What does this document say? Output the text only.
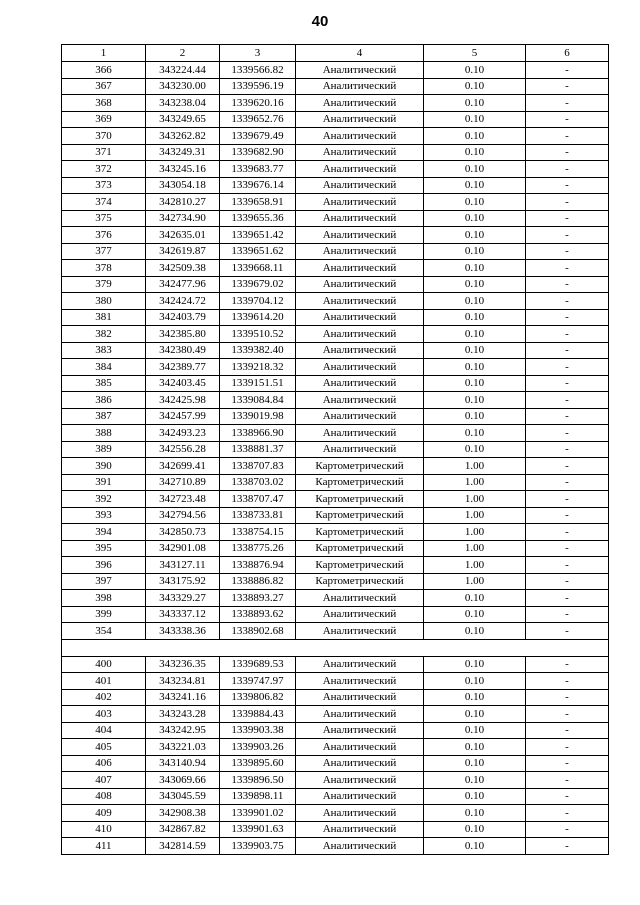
40
1	2	3	4	5	6
366	343224.44	1339566.82	Аналитический	0.10	-
367	343230.00	1339596.19	Аналитический	0.10	-
368	343238.04	1339620.16	Аналитический	0.10	-
369	343249.65	1339652.76	Аналитический	0.10	-
370	343262.82	1339679.49	Аналитический	0.10	-
371	343249.31	1339682.90	Аналитический	0.10	-
372	343245.16	1339683.77	Аналитический	0.10	-
373	343054.18	1339676.14	Аналитический	0.10	-
374	342810.27	1339658.91	Аналитический	0.10	-
375	342734.90	1339655.36	Аналитический	0.10	-
376	342635.01	1339651.42	Аналитический	0.10	-
377	342619.87	1339651.62	Аналитический	0.10	-
378	342509.38	1339668.11	Аналитический	0.10	-
379	342477.96	1339679.02	Аналитический	0.10	-
380	342424.72	1339704.12	Аналитический	0.10	-
381	342403.79	1339614.20	Аналитический	0.10	-
382	342385.80	1339510.52	Аналитический	0.10	-
383	342380.49	1339382.40	Аналитический	0.10	-
384	342389.77	1339218.32	Аналитический	0.10	-
385	342403.45	1339151.51	Аналитический	0.10	-
386	342425.98	1339084.84	Аналитический	0.10	-
387	342457.99	1339019.98	Аналитический	0.10	-
388	342493.23	1338966.90	Аналитический	0.10	-
389	342556.28	1338881.37	Аналитический	0.10	-
390	342699.41	1338707.83	Картометрический	1.00	-
391	342710.89	1338703.02	Картометрический	1.00	-
392	342723.48	1338707.47	Картометрический	1.00	-
393	342794.56	1338733.81	Картометрический	1.00	-
394	342850.73	1338754.15	Картометрический	1.00	-
395	342901.08	1338775.26	Картометрический	1.00	-
396	343127.11	1338876.94	Картометрический	1.00	-
397	343175.92	1338886.82	Картометрический	1.00	-
398	343329.27	1338893.27	Аналитический	0.10	-
399	343337.12	1338893.62	Аналитический	0.10	-
354	343338.36	1338902.68	Аналитический	0.10	-

400	343236.35	1339689.53	Аналитический	0.10	-
401	343234.81	1339747.97	Аналитический	0.10	-
402	343241.16	1339806.82	Аналитический	0.10	-
403	343243.28	1339884.43	Аналитический	0.10	-
404	343242.95	1339903.38	Аналитический	0.10	-
405	343221.03	1339903.26	Аналитический	0.10	-
406	343140.94	1339895.60	Аналитический	0.10	-
407	343069.66	1339896.50	Аналитический	0.10	-
408	343045.59	1339898.11	Аналитический	0.10	-
409	342908.38	1339901.02	Аналитический	0.10	-
410	342867.82	1339901.63	Аналитический	0.10	-
411	342814.59	1339903.75	Аналитический	0.10	-
